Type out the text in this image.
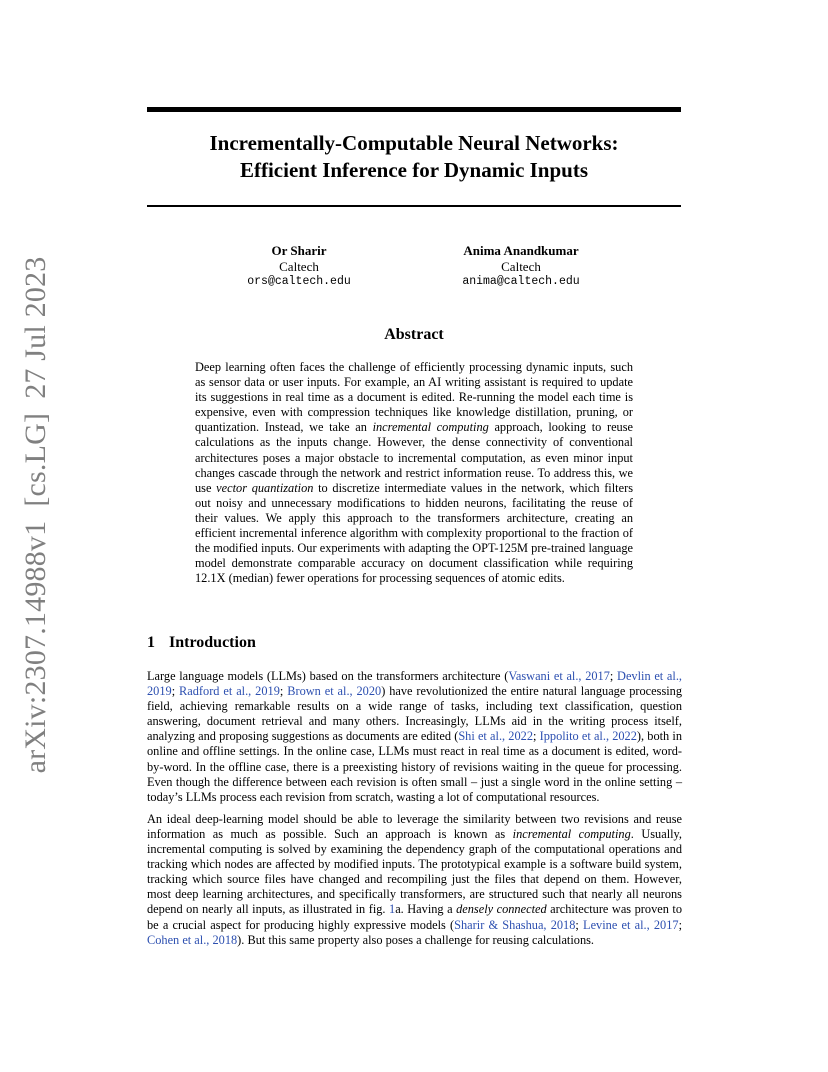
arXiv:2307.14988v1[cs.LG]27 Jul 2023
Incrementally-Computable Neural Networks:
Efficient Inference for Dynamic Inputs
Or Sharir
Caltech
ors@caltech.edu
Anima Anandkumar
Caltech
anima@caltech.edu
Abstract
Deep learning often faces the challenge of efficiently processing dynamic inputs, such as sensor data or user inputs. For example, an AI writing assistant is required to update its suggestions in real time as a document is edited. Re-running the model each time is expensive, even with compression techniques like knowledge distillation, pruning, or quantization. Instead, we take an incremental computing approach, looking to reuse calculations as the inputs change. However, the dense connectivity of conventional architectures poses a major obstacle to incremental computation, as even minor input changes cascade through the network and restrict information reuse. To address this, we use vector quantization to discretize intermediate values in the network, which filters out noisy and unnecessary modifications to hidden neurons, facilitating the reuse of their values. We apply this approach to the transformers architecture, creating an efficient incremental inference algorithm with complexity proportional to the fraction of the modified inputs. Our experiments with adapting the OPT-125M pre-trained language model demonstrate comparable accuracy on document classification while requiring 12.1X (median) fewer operations for processing sequences of atomic edits.
1 Introduction

Large language models (LLMs) based on the transformers architecture (Vaswani et al., 2017; Devlin et al., 2019; Radford et al., 2019; Brown et al., 2020) have revolutionized the entire natural language processing field, achieving remarkable results on a wide range of tasks, including text classification, question answering, document retrieval and many others. Increasingly, LLMs aid in the writing process itself, analyzing and proposing suggestions as documents are edited (Shi et al., 2022; Ippolito et al., 2022), both in online and offline settings. In the online case, LLMs must react in real time as a document is edited, word-by-word. In the offline case, there is a preexisting history of revisions waiting in the queue for processing. Even though the difference between each revision is often small – just a single word in the online setting – today’s LLMs process each revision from scratch, wasting a lot of computational resources.

An ideal deep-learning model should be able to leverage the similarity between two revisions and reuse information as much as possible. Such an approach is known as incremental computing. Usually, incremental computing is solved by examining the dependency graph of the computational operations and tracking which nodes are affected by modified inputs. The prototypical example is a software build system, tracking which source files have changed and recompiling just the files that depend on them. However, most deep learning architectures, and specifically transformers, are structured such that nearly all neurons depend on nearly all inputs, as illustrated in fig. 1a. Having a densely connected architecture was proven to be a crucial aspect for producing highly expressive models (Sharir & Shashua, 2018; Levine et al., 2017; Cohen et al., 2018). But this same property also poses a challenge for reusing calculations.
